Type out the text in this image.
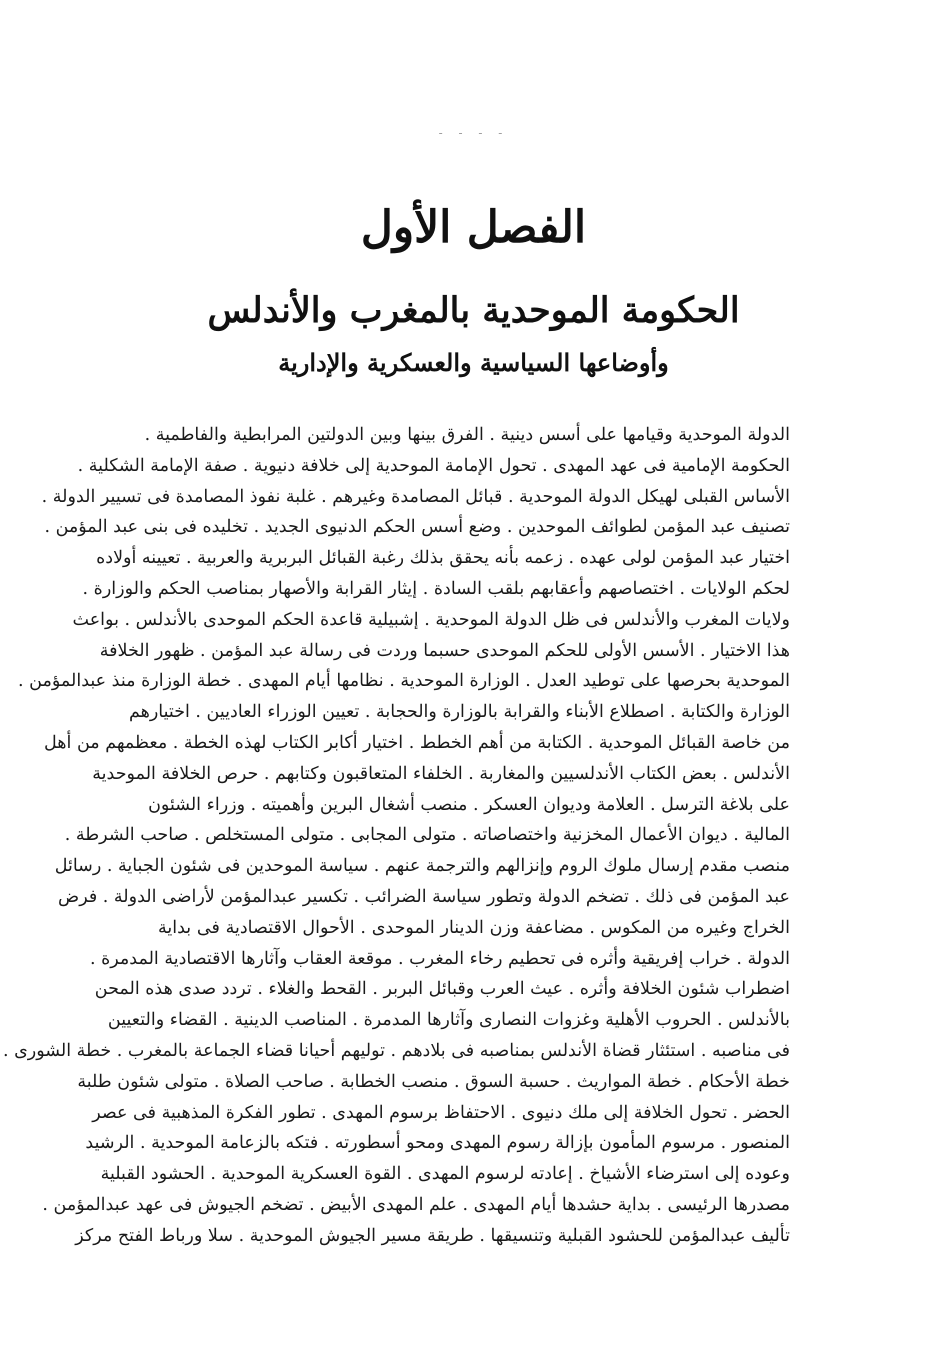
- - - -
الفصل الأول
الحكومة الموحدية بالمغرب والأندلس
وأوضاعها السياسية والعسكرية والإدارية
الدولة الموحدية وقيامها على أسس دينية . الفرق بينها وبين الدولتين المرابطية والفاطمية .
الحكومة الإمامية فى عهد المهدى . تحول الإمامة الموحدية إلى خلافة دنيوية . صفة الإمامة الشكلية .
الأساس القبلى لهيكل الدولة الموحدية . قبائل المصامدة وغيرهم . غلبة نفوذ المصامدة فى تسيير الدولة .
تصنيف عبد المؤمن لطوائف الموحدين . وضع أسس الحكم الدنيوى الجديد . تخليده فى بنى عبد المؤمن .
اختيار عبد المؤمن لولى عهده . زعمه بأنه يحقق بذلك رغبة القبائل البربرية والعربية . تعيينه أولاده
لحكم الولايات . اختصاصهم وأعقابهم بلقب السادة . إيثار القرابة والأصهار بمناصب الحكم والوزارة .
ولايات المغرب والأندلس فى ظل الدولة الموحدية . إشبيلية قاعدة الحكم الموحدى بالأندلس . بواعث
هذا الاختيار . الأسس الأولى للحكم الموحدى حسبما وردت فى رسالة عبد المؤمن . ظهور الخلافة
الموحدية بحرصها على توطيد العدل . الوزارة الموحدية . نظامها أيام المهدى . خطة الوزارة منذ عبدالمؤمن .
الوزارة والكتابة . اصطلاع الأبناء والقرابة بالوزارة والحجابة . تعيين الوزراء العاديين . اختيارهم
من خاصة القبائل الموحدية . الكتابة من أهم الخطط . اختيار أكابر الكتاب لهذه الخطة . معظمهم من أهل
الأندلس . بعض الكتاب الأندلسيين والمغاربة . الخلفاء المتعاقبون وكتابهم . حرص الخلافة الموحدية
على بلاغة الترسل . العلامة وديوان العسكر . منصب أشغال البرين وأهميته . وزراء الشئون
المالية . ديوان الأعمال المخزنية واختصاصاته . متولى المجابى . متولى المستخلص . صاحب الشرطة .
منصب مقدم إرسال ملوك الروم وإنزالهم والترجمة عنهم . سياسة الموحدين فى شئون الجباية . رسائل
عبد المؤمن فى ذلك . تضخم الدولة وتطور سياسة الضرائب . تكسير عبدالمؤمن لأراضى الدولة . فرض
الخراج وغيره من المكوس . مضاعفة وزن الدينار الموحدى . الأحوال الاقتصادية فى بداية
الدولة . خراب إفريقية وأثره فى تحطيم رخاء المغرب . موقعة العقاب وآثارها الاقتصادية المدمرة .
اضطراب شئون الخلافة وأثره . عيث العرب وقبائل البربر . القحط والغلاء . تردد صدى هذه المحن
بالأندلس . الحروب الأهلية وغزوات النصارى وآثارها المدمرة . المناصب الدينية . القضاء والتعيين
فى مناصبه . استئثار قضاة الأندلس بمناصبه فى بلادهم . توليهم أحيانا قضاء الجماعة بالمغرب . خطة الشورى .
خطة الأحكام . خطة المواريث . حسبة السوق . منصب الخطابة . صاحب الصلاة . متولى شئون طلبة
الحضر . تحول الخلافة إلى ملك دنيوى . الاحتفاظ برسوم المهدى . تطور الفكرة المذهبية فى عصر
المنصور . مرسوم المأمون بإزالة رسوم المهدى ومحو أسطورته . فتكه بالزعامة الموحدية . الرشيد
وعوده إلى استرضاء الأشياخ . إعادته لرسوم المهدى . القوة العسكرية الموحدية . الحشود القبلية
مصدرها الرئيسى . بداية حشدها أيام المهدى . علم المهدى الأبيض . تضخم الجيوش فى عهد عبدالمؤمن .
تأليف عبدالمؤمن للحشود القبلية وتنسيقها . طريقة مسير الجيوش الموحدية . سلا ورباط الفتح مركز
